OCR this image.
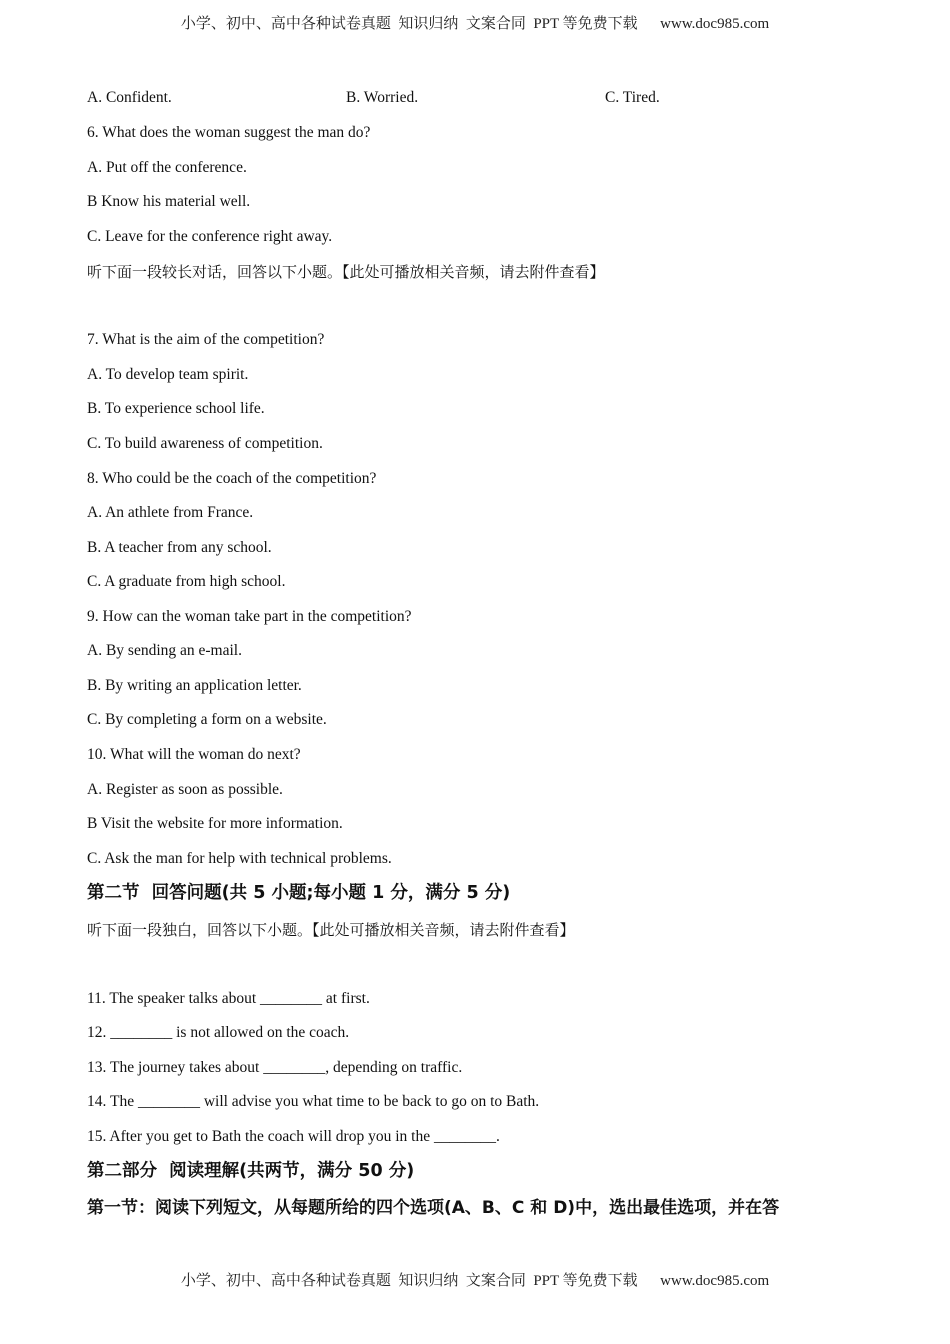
小学、初中、高中各种试卷真题  知识归纳  文案合同  PPT 等免费下载      www.doc985.com
A. Confident.	B. Worried.	C. Tired.
6. What does the woman suggest the man do?
A. Put off the conference.
B Know his material well.
C. Leave for the conference right away.
听下面一段较长对话，回答以下小题。【此处可播放相关音频，请去附件查看】
7. What is the aim of the competition?
A. To develop team spirit.
B. To experience school life.
C. To build awareness of competition.
8. Who could be the coach of the competition?
A. An athlete from France.
B. A teacher from any school.
C. A graduate from high school.
9. How can the woman take part in the competition?
A. By sending an e-mail.
B. By writing an application letter.
C. By completing a form on a website.
10. What will the woman do next?
A. Register as soon as possible.
B Visit the website for more information.
C. Ask the man for help with technical problems.
第二节  回答问题(共 5 小题;每小题 1 分，满分 5 分)
听下面一段独白，回答以下小题。【此处可播放相关音频，请去附件查看】
11. The speaker talks about ________ at first.
12. ________ is not allowed on the coach.
13. The journey takes about ________, depending on traffic.
14. The ________ will advise you what time to be back to go on to Bath.
15. After you get to Bath the coach will drop you in the ________.
第二部分  阅读理解(共两节，满分 50 分)
第一节：阅读下列短文，从每题所给的四个选项(A、B、C 和 D)中，选出最佳选项，并在答
小学、初中、高中各种试卷真题  知识归纳  文案合同  PPT 等免费下载      www.doc985.com
